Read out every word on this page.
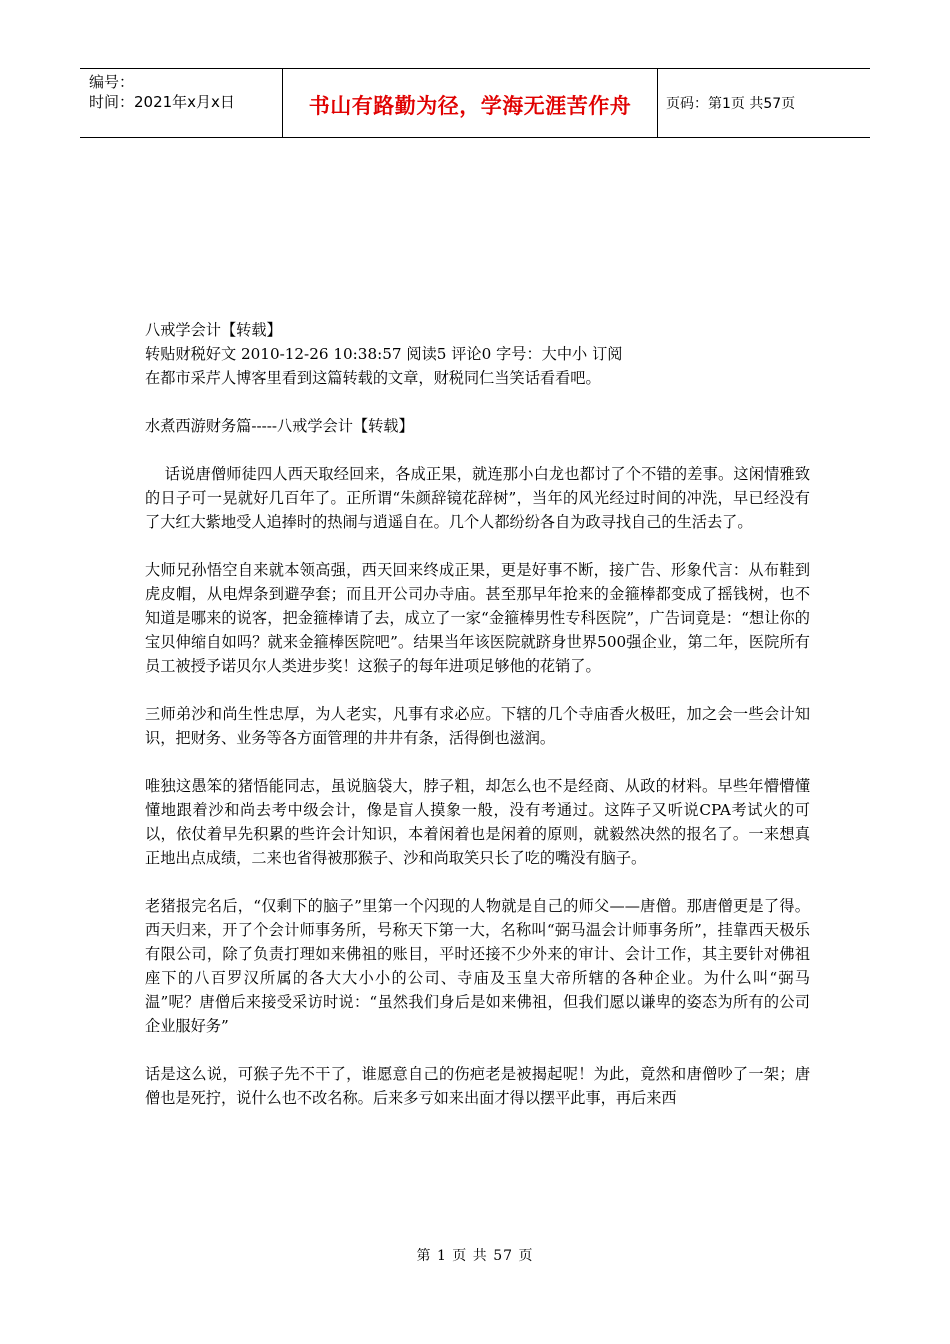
编号：
时间：2021年x月x日	书山有路勤为径，学海无涯苦作舟 页码：第1页 共57页

八戒学会计【转载】

转贴财税好文 2010-12-26 10:38:57 阅读5 评论0 字号：大中小 订阅

在都市采芹人博客里看到这篇转载的文章，财税同仁当笑话看看吧。

水煮西游财务篇-----八戒学会计【转载】

话说唐僧师徒四人西天取经回来，各成正果，就连那小白龙也都讨了个不错的差事。这闲情雅致的日子可一晃就好几百年了。正所谓“朱颜辞镜花辞树”，当年的风光经过时间的冲洗，早已经没有了大红大紫地受人追捧时的热闹与逍遥自在。几个人都纷纷各自为政寻找自己的生活去了。

大师兄孙悟空自来就本领高强，西天回来终成正果，更是好事不断，接广告、形象代言：从布鞋到虎皮帽，从电焊条到避孕套；而且开公司办寺庙。甚至那早年抢来的金箍棒都变成了摇钱树，也不知道是哪来的说客，把金箍棒请了去，成立了一家“金箍棒男性专科医院”，广告词竟是：“想让你的宝贝伸缩自如吗？就来金箍棒医院吧”。结果当年该医院就跻身世界500强企业，第二年，医院所有员工被授予诺贝尔人类进步奖！这猴子的每年进项足够他的花销了。

三师弟沙和尚生性忠厚，为人老实，凡事有求必应。下辖的几个寺庙香火极旺，加之会一些会计知识，把财务、业务等各方面管理的井井有条，活得倒也滋润。

唯独这愚笨的猪悟能同志，虽说脑袋大，脖子粗，却怎么也不是经商、从政的材料。早些年懵懵懂懂地跟着沙和尚去考中级会计，像是盲人摸象一般，没有考通过。这阵子又听说CPA考试火的可以，依仗着早先积累的些许会计知识，本着闲着也是闲着的原则，就毅然决然的报名了。一来想真正地出点成绩，二来也省得被那猴子、沙和尚取笑只长了吃的嘴没有脑子。

老猪报完名后，“仅剩下的脑子”里第一个闪现的人物就是自己的师父——唐僧。那唐僧更是了得。西天归来，开了个会计师事务所，号称天下第一大，名称叫“弼马温会计师事务所”，挂靠西天极乐有限公司，除了负责打理如来佛祖的账目，平时还接不少外来的审计、会计工作，其主要针对佛祖座下的八百罗汉所属的各大大小小的公司、寺庙及玉皇大帝所辖的各种企业。为什么叫“弼马温”呢？唐僧后来接受采访时说：“虽然我们身后是如来佛祖，但我们愿以谦卑的姿态为所有的公司企业服好务”

话是这么说，可猴子先不干了，谁愿意自己的伤疤老是被揭起呢！为此，竟然和唐僧吵了一架；唐僧也是死拧，说什么也不改名称。后来多亏如来出面才得以摆平此事，再后来西

第 1 页 共 57 页
